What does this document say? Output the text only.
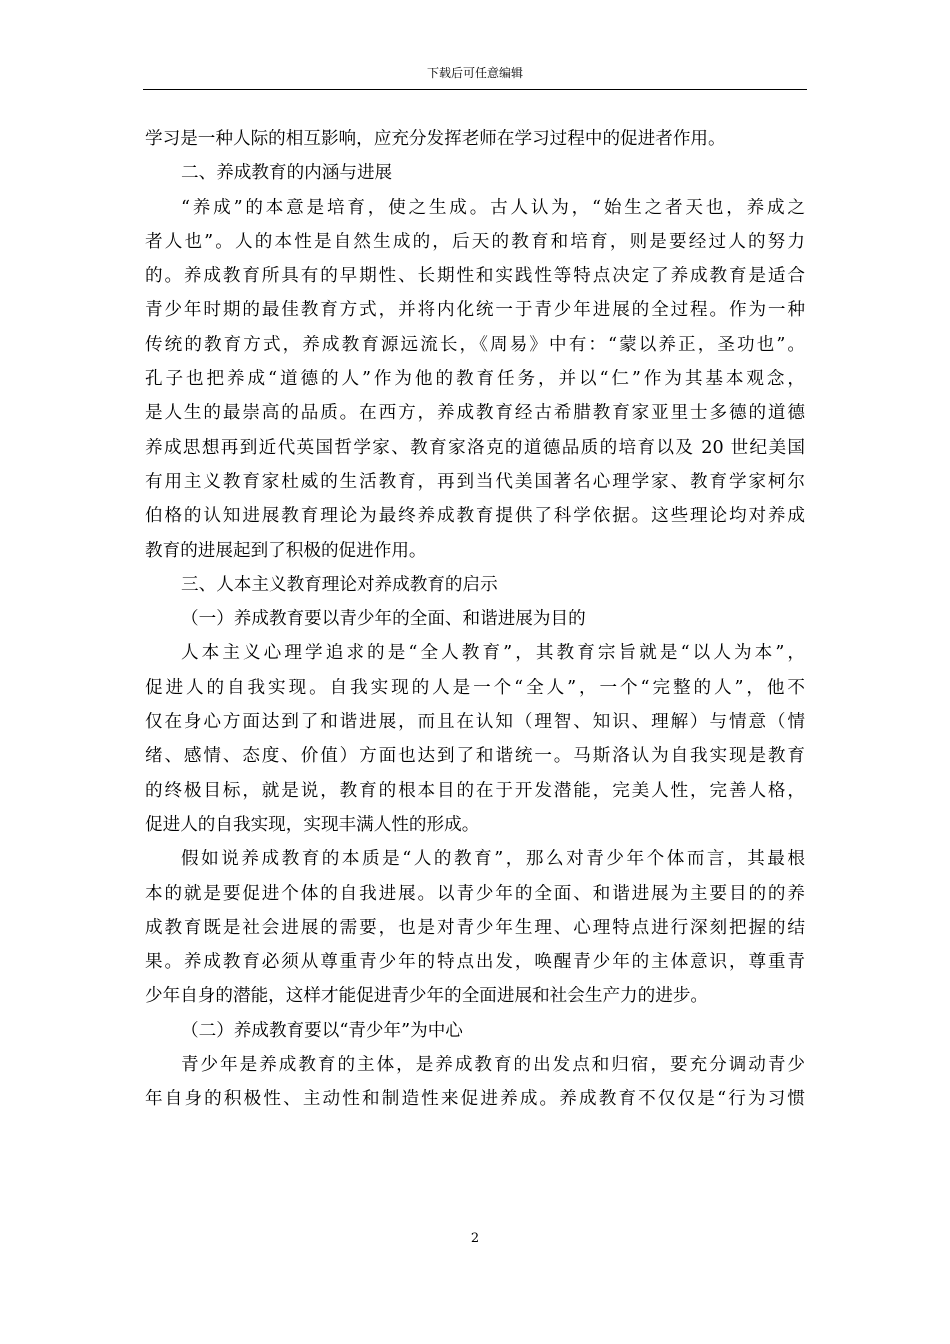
下载后可任意编辑
学习是一种人际的相互影响，应充分发挥老师在学习过程中的促进者作用。
二、养成教育的内涵与进展
“养成”的本意是培育，使之生成。古人认为，“始生之者天也，养成之
者人也”。人的本性是自然生成的，后天的教育和培育，则是要经过人的努力
的。养成教育所具有的早期性、长期性和实践性等特点决定了养成教育是适合
青少年时期的最佳教育方式，并将内化统一于青少年进展的全过程。作为一种
传统的教育方式，养成教育源远流长，《周易》中有：“蒙以养正，圣功也”。
孔子也把养成“道德的人”作为他的教育任务，并以“仁”作为其基本观念，
是人生的最崇高的品质。在西方，养成教育经古希腊教育家亚里士多德的道德
养成思想再到近代英国哲学家、教育家洛克的道德品质的培育以及 20 世纪美国
有用主义教育家杜威的生活教育，再到当代美国著名心理学家、教育学家柯尔
伯格的认知进展教育理论为最终养成教育提供了科学依据。这些理论均对养成
教育的进展起到了积极的促进作用。
三、人本主义教育理论对养成教育的启示
（一）养成教育要以青少年的全面、和谐进展为目的
人本主义心理学追求的是“全人教育”，其教育宗旨就是“以人为本”，
促进人的自我实现。自我实现的人是一个“全人”，一个“完整的人”，他不
仅在身心方面达到了和谐进展，而且在认知（理智、知识、理解）与情意（情
绪、感情、态度、价值）方面也达到了和谐统一。马斯洛认为自我实现是教育
的终极目标，就是说，教育的根本目的在于开发潜能，完美人性，完善人格，
促进人的自我实现，实现丰满人性的形成。
假如说养成教育的本质是“人的教育”，那么对青少年个体而言，其最根
本的就是要促进个体的自我进展。以青少年的全面、和谐进展为主要目的的养
成教育既是社会进展的需要，也是对青少年生理、心理特点进行深刻把握的结
果。养成教育必须从尊重青少年的特点出发，唤醒青少年的主体意识，尊重青
少年自身的潜能，这样才能促进青少年的全面进展和社会生产力的进步。
（二）养成教育要以“青少年”为中心
青少年是养成教育的主体，是养成教育的出发点和归宿，要充分调动青少
年自身的积极性、主动性和制造性来促进养成。养成教育不仅仅是“行为习惯
2
